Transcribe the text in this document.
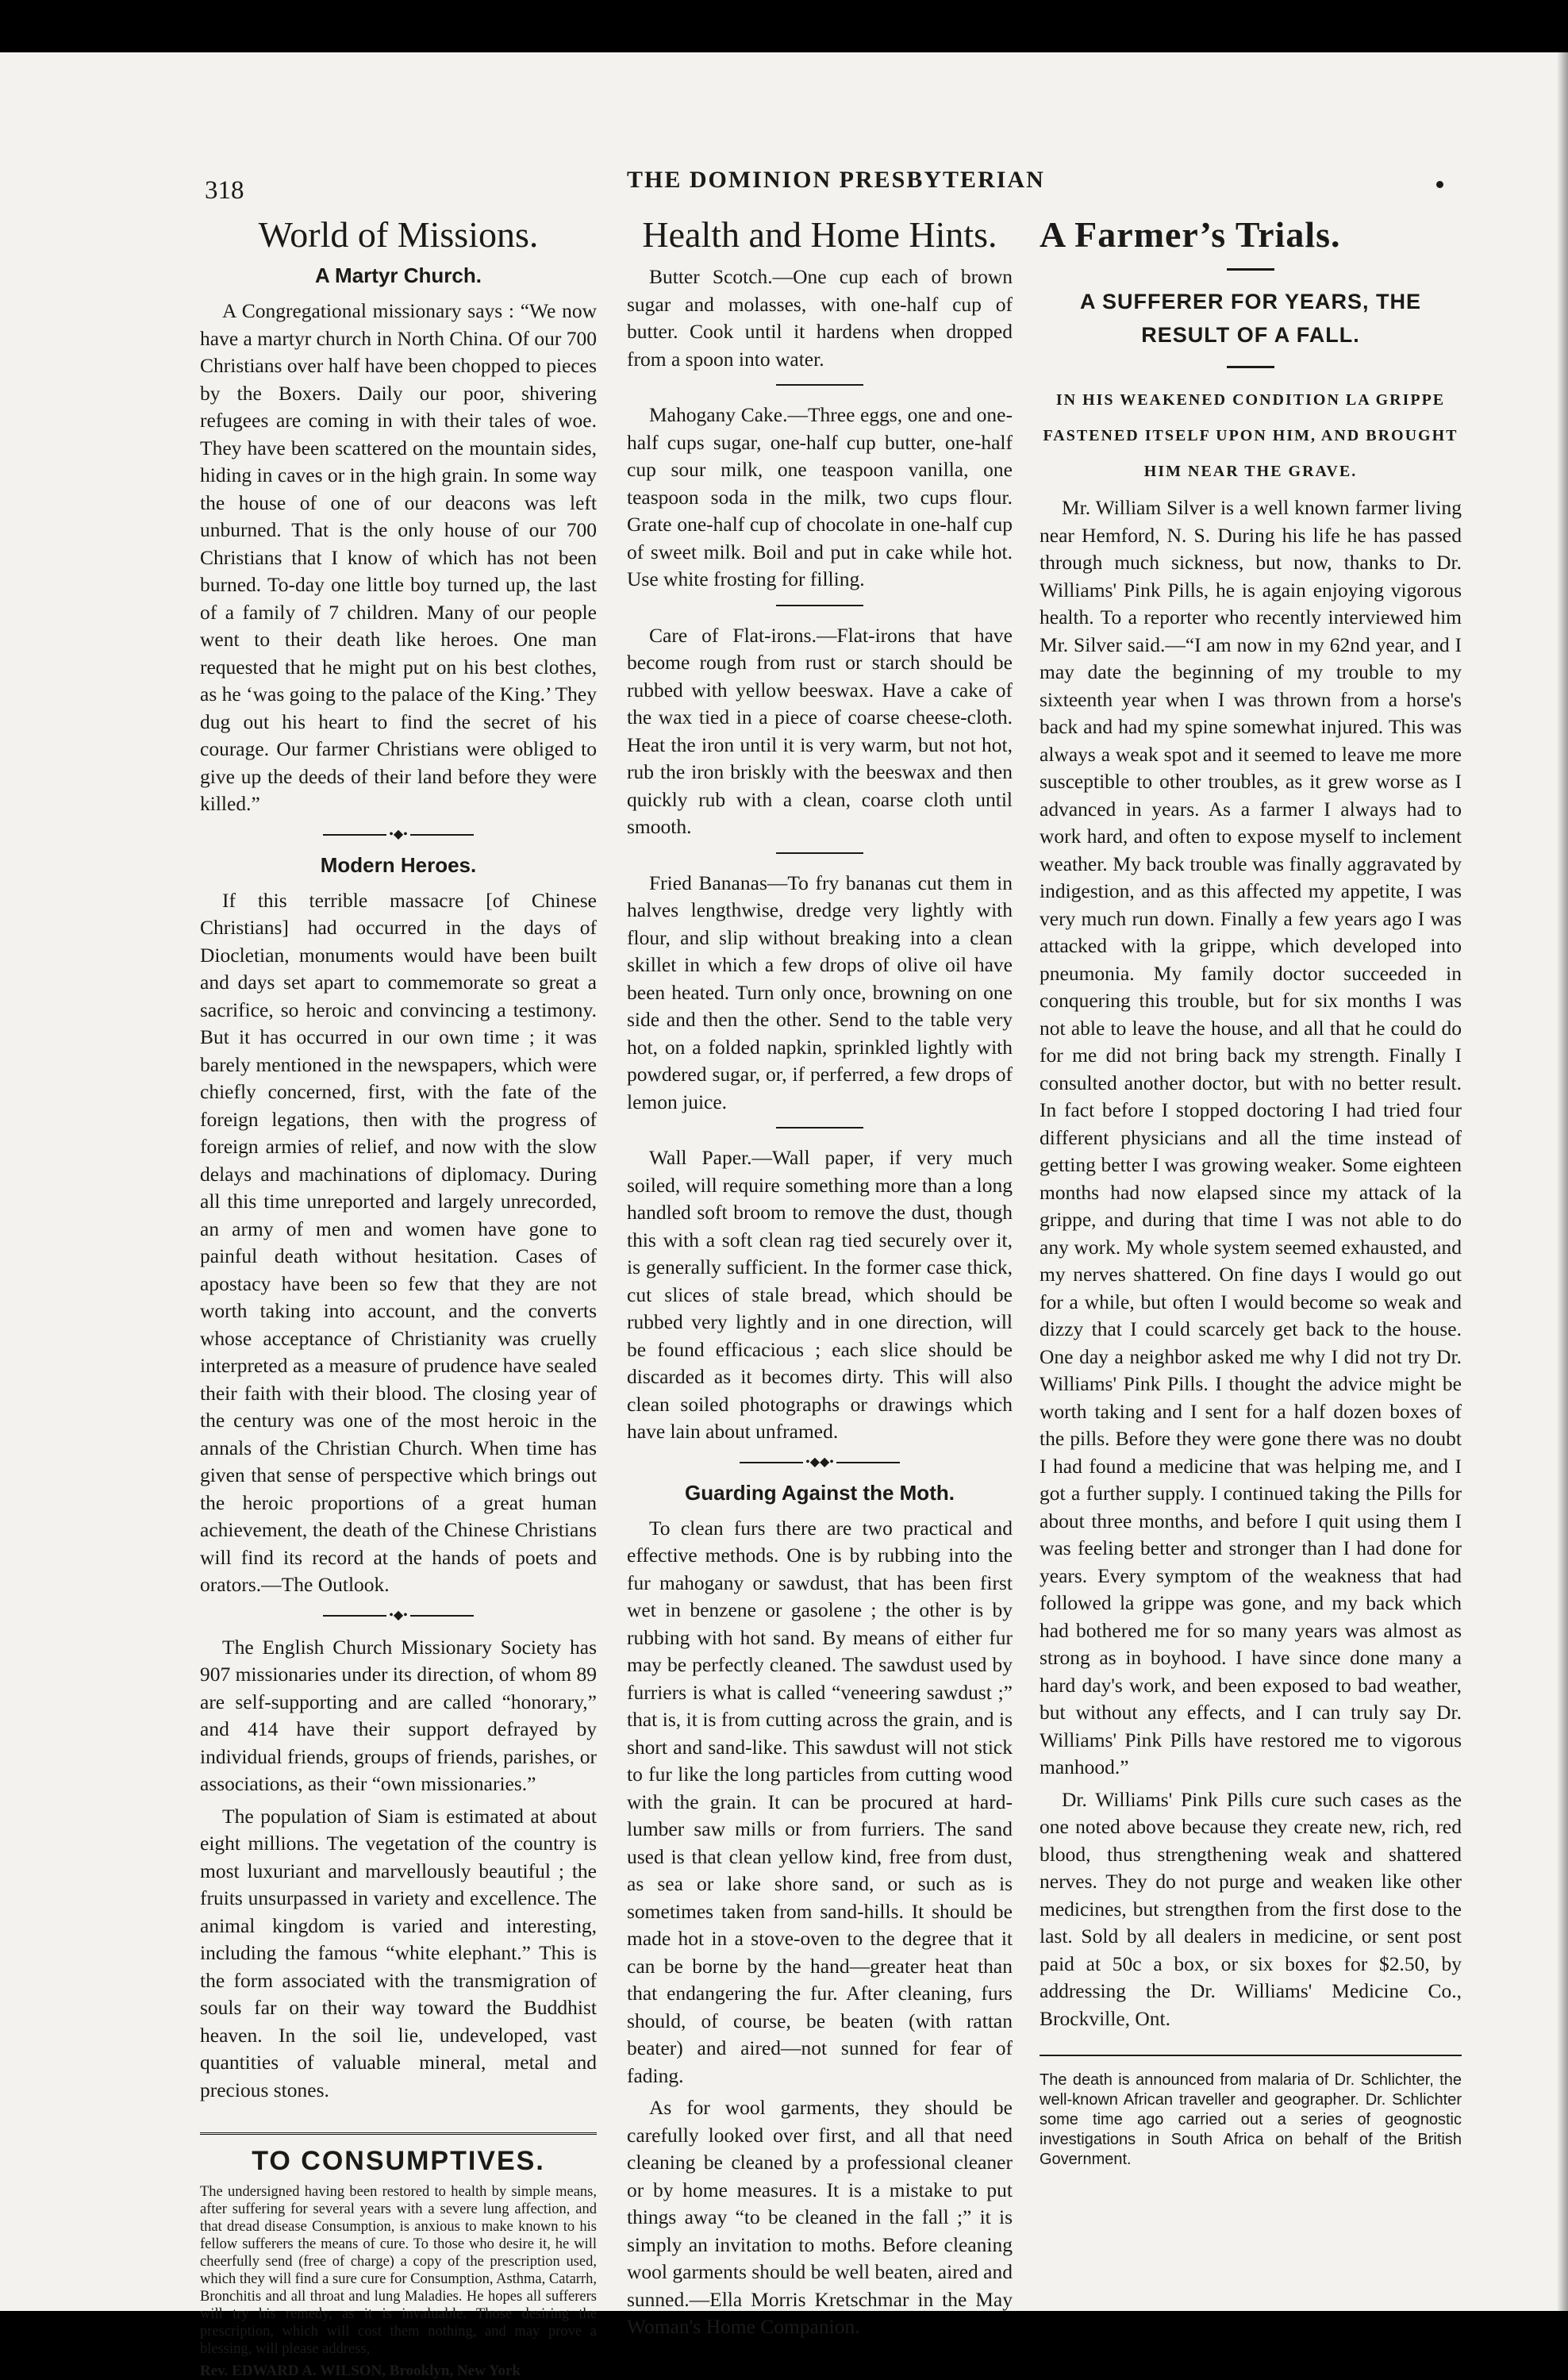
318	THE DOMINION PRESBYTERIAN
World of Missions.
A Martyr Church.

A Congregational missionary says : “We now have a martyr church in North China. Of our 700 Christians over half have been chopped to pieces by the Boxers. Daily our poor, shivering refugees are coming in with their tales of woe. They have been scattered on the mountain sides, hiding in caves or in the high grain. In some way the house of one of our deacons was left unburned. That is the only house of our 700 Christians that I know of which has not been burned. To-day one little boy turned up, the last of a family of 7 children. Many of our people went to their death like heroes. One man requested that he might put on his best clothes, as he ‘was going to the palace of the King.’ They dug out his heart to find the secret of his courage. Our farmer Christians were obliged to give up the deeds of their land before they were killed.”

•◆•
Modern Heroes.

If this terrible massacre [of Chinese Christians] had occurred in the days of Diocletian, monuments would have been built and days set apart to commemorate so great a sacrifice, so heroic and convincing a testimony. But it has occurred in our own time ; it was barely mentioned in the newspapers, which were chiefly concerned, first, with the fate of the foreign legations, then with the progress of foreign armies of relief, and now with the slow delays and machinations of diplomacy. During all this time unreported and largely unrecorded, an army of men and women have gone to painful death without hesitation. Cases of apostacy have been so few that they are not worth taking into account, and the converts whose acceptance of Christianity was cruelly interpreted as a measure of prudence have sealed their faith with their blood. The closing year of the century was one of the most heroic in the annals of the Christian Church. When time has given that sense of perspective which brings out the heroic proportions of a great human achievement, the death of the Chinese Christians will find its record at the hands of poets and orators.—The Outlook.

•◆•

The English Church Missionary Society has 907 missionaries under its direction, of whom 89 are self-supporting and are called “honorary,” and 414 have their support defrayed by individual friends, groups of friends, parishes, or associations, as their “own missionaries.”

The population of Siam is estimated at about eight millions. The vegetation of the country is most luxuriant and marvellously beautiful ; the fruits unsurpassed in variety and excellence. The animal kingdom is varied and interesting, including the famous “white elephant.” This is the form associated with the transmigration of souls far on their way toward the Buddhist heaven. In the soil lie, undeveloped, vast quantities of valuable mineral, metal and precious stones.

TO CONSUMPTIVES.
The undersigned having been restored to health by simple means, after suffering for several years with a severe lung affection, and that dread disease Consumption, is anxious to make known to his fellow sufferers the means of cure. To those who desire it, he will cheerfully send (free of charge) a copy of the prescription used, which they will find a sure cure for Consumption, Asthma, Catarrh, Bronchitis and all throat and lung Maladies. He hopes all sufferers will try his remedy, as it is invaluable. Those desiring the prescription, which will cost them nothing, and may prove a blessing, will please address,
Rev. EDWARD A. WILSON, Brooklyn, New York
Health and Home Hints.

Butter Scotch.—One cup each of brown sugar and molasses, with one-half cup of butter. Cook until it hardens when dropped from a spoon into water.

Mahogany Cake.—Three eggs, one and one-half cups sugar, one-half cup butter, one-half cup sour milk, one teaspoon vanilla, one teaspoon soda in the milk, two cups flour. Grate one-half cup of chocolate in one-half cup of sweet milk. Boil and put in cake while hot. Use white frosting for filling.

Care of Flat-irons.—Flat-irons that have become rough from rust or starch should be rubbed with yellow beeswax. Have a cake of the wax tied in a piece of coarse cheese-cloth. Heat the iron until it is very warm, but not hot, rub the iron briskly with the beeswax and then quickly rub with a clean, coarse cloth until smooth.

Fried Bananas—To fry bananas cut them in halves lengthwise, dredge very lightly with flour, and slip without breaking into a clean skillet in which a few drops of olive oil have been heated. Turn only once, browning on one side and then the other. Send to the table very hot, on a folded napkin, sprinkled lightly with powdered sugar, or, if perferred, a few drops of lemon juice.

Wall Paper.—Wall paper, if very much soiled, will require something more than a long handled soft broom to remove the dust, though this with a soft clean rag tied securely over it, is generally sufficient. In the former case thick, cut slices of stale bread, which should be rubbed very lightly and in one direction, will be found efficacious ; each slice should be discarded as it becomes dirty. This will also clean soiled photographs or drawings which have lain about unframed.

•◆◆•
Guarding Against the Moth.

To clean furs there are two practical and effective methods. One is by rubbing into the fur mahogany or sawdust, that has been first wet in benzene or gasolene ; the other is by rubbing with hot sand. By means of either fur may be perfectly cleaned. The sawdust used by furriers is what is called “veneering sawdust ;” that is, it is from cutting across the grain, and is short and sand-like. This sawdust will not stick to fur like the long particles from cutting wood with the grain. It can be procured at hard-lumber saw mills or from furriers. The sand used is that clean yellow kind, free from dust, as sea or lake shore sand, or such as is sometimes taken from sand-hills. It should be made hot in a stove-oven to the degree that it can be borne by the hand—greater heat than that endangering the fur. After cleaning, furs should, of course, be beaten (with rattan beater) and aired—not sunned for fear of fading.

As for wool garments, they should be carefully looked over first, and all that need cleaning be cleaned by a professional cleaner or by home measures. It is a mistake to put things away “to be cleaned in the fall ;” it is simply an invitation to moths. Before cleaning wool garments should be well beaten, aired and sunned.—Ella Morris Kretschmar in the May Woman's Home Companion.

A Farmer’s Trials.
A SUFFERER FOR YEARS, THE RESULT OF A FALL.
IN HIS WEAKENED CONDITION LA GRIPPE FASTENED ITSELF UPON HIM, AND BROUGHT HIM NEAR THE GRAVE.

Mr. William Silver is a well known farmer living near Hemford, N. S. During his life he has passed through much sickness, but now, thanks to Dr. Williams' Pink Pills, he is again enjoying vigorous health. To a reporter who recently interviewed him Mr. Silver said.—“I am now in my 62nd year, and I may date the beginning of my trouble to my sixteenth year when I was thrown from a horse's back and had my spine somewhat injured. This was always a weak spot and it seemed to leave me more susceptible to other troubles, as it grew worse as I advanced in years. As a farmer I always had to work hard, and often to expose myself to inclement weather. My back trouble was finally aggravated by indigestion, and as this affected my appetite, I was very much run down. Finally a few years ago I was attacked with la grippe, which developed into pneumonia. My family doctor succeeded in conquering this trouble, but for six months I was not able to leave the house, and all that he could do for me did not bring back my strength. Finally I consulted another doctor, but with no better result. In fact before I stopped doctoring I had tried four different physicians and all the time instead of getting better I was growing weaker. Some eighteen months had now elapsed since my attack of la grippe, and during that time I was not able to do any work. My whole system seemed exhausted, and my nerves shattered. On fine days I would go out for a while, but often I would become so weak and dizzy that I could scarcely get back to the house. One day a neighbor asked me why I did not try Dr. Williams' Pink Pills. I thought the advice might be worth taking and I sent for a half dozen boxes of the pills. Before they were gone there was no doubt I had found a medicine that was helping me, and I got a further supply. I continued taking the Pills for about three months, and before I quit using them I was feeling better and stronger than I had done for years. Every symptom of the weakness that had followed la grippe was gone, and my back which had bothered me for so many years was almost as strong as in boyhood. I have since done many a hard day's work, and been exposed to bad weather, but without any effects, and I can truly say Dr. Williams' Pink Pills have restored me to vigorous manhood.”

Dr. Williams' Pink Pills cure such cases as the one noted above because they create new, rich, red blood, thus strengthening weak and shattered nerves. They do not purge and weaken like other medicines, but strengthen from the first dose to the last. Sold by all dealers in medicine, or sent post paid at 50c a box, or six boxes for $2.50, by addressing the Dr. Williams' Medicine Co., Brockville, Ont.

The death is announced from malaria of Dr. Schlichter, the well-known African traveller and geographer. Dr. Schlichter some time ago carried out a series of geognostic investigations in South Africa on behalf of the British Government.
